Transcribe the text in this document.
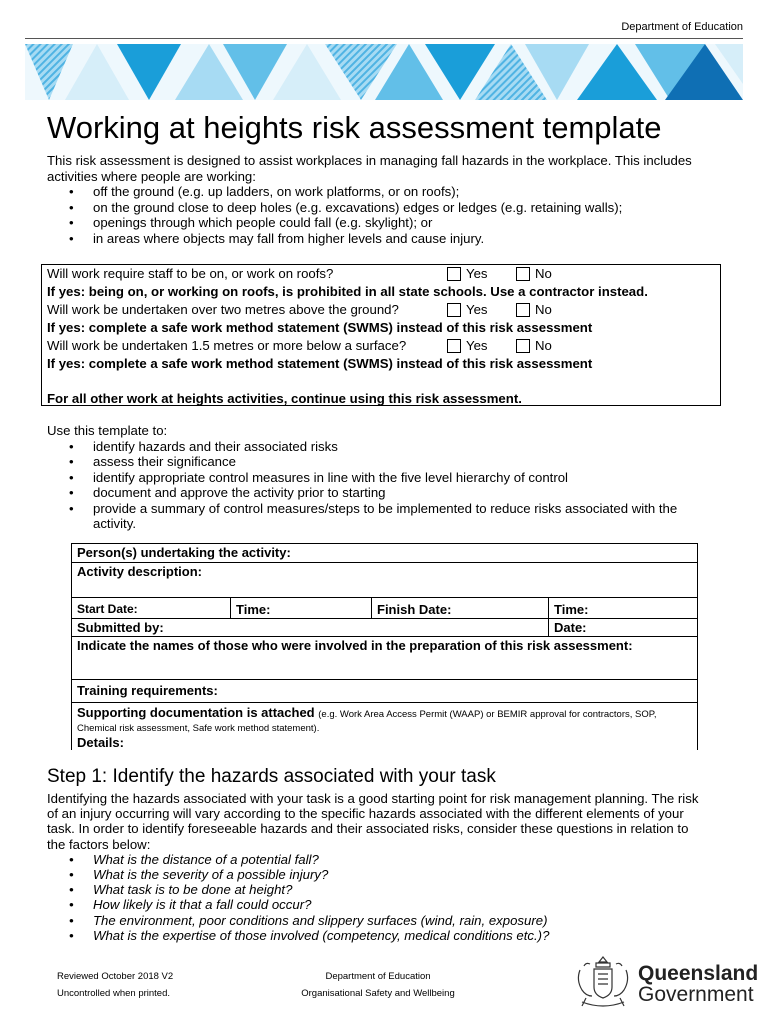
Department of Education
Working at heights risk assessment template
This risk assessment is designed to assist workplaces in managing fall hazards in the workplace. This includes activities where people are working:
• off the ground (e.g. up ladders, on work platforms, or on roofs);
• on the ground close to deep holes (e.g. excavations) edges or ledges (e.g. retaining walls);
• openings through which people could fall (e.g. skylight); or
• in areas where objects may fall from higher levels and cause injury.
Will work require staff to be on, or work on roofs?	Yes	No
If yes: being on, or working on roofs, is prohibited in all state schools. Use a contractor instead.
Will work be undertaken over two metres above the ground?	Yes	No
If yes: complete a safe work method statement (SWMS) instead of this risk assessment
Will work be undertaken 1.5 metres or more below a surface?	Yes	No
If yes: complete a safe work method statement (SWMS) instead of this risk assessment
For all other work at heights activities, continue using this risk assessment.
Use this template to:
• identify hazards and their associated risks
• assess their significance
• identify appropriate control measures in line with the five level hierarchy of control
• document and approve the activity prior to starting
• provide a summary of control measures/steps to be implemented to reduce risks associated with the activity.
Person(s) undertaking the activity:			
Activity description:			
Start Date:	Time:	Finish Date:	Time:
Submitted by:			Date:
Indicate the names of those who were involved in the preparation of this risk assessment:			
Training requirements:			
Supporting documentation is attached (e.g. Work Area Access Permit (WAAP) or BEMIR approval for contractors, SOP, Chemical risk assessment, Safe work method statement).
Details:			
Step 1: Identify the hazards associated with your task
Identifying the hazards associated with your task is a good starting point for risk management planning. The risk of an injury occurring will vary according to the specific hazards associated with the different elements of your task. In order to identify foreseeable hazards and their associated risks, consider these questions in relation to the factors below:
• What is the distance of a potential fall?
• What is the severity of a possible injury?
• What task is to be done at height?
• How likely is it that a fall could occur?
• The environment, poor conditions and slippery surfaces (wind, rain, exposure)
• What is the expertise of those involved (competency, medical conditions etc.)?
Reviewed October 2018 V2
Uncontrolled when printed.
Department of Education
Organisational Safety and Wellbeing
Queensland
Government
